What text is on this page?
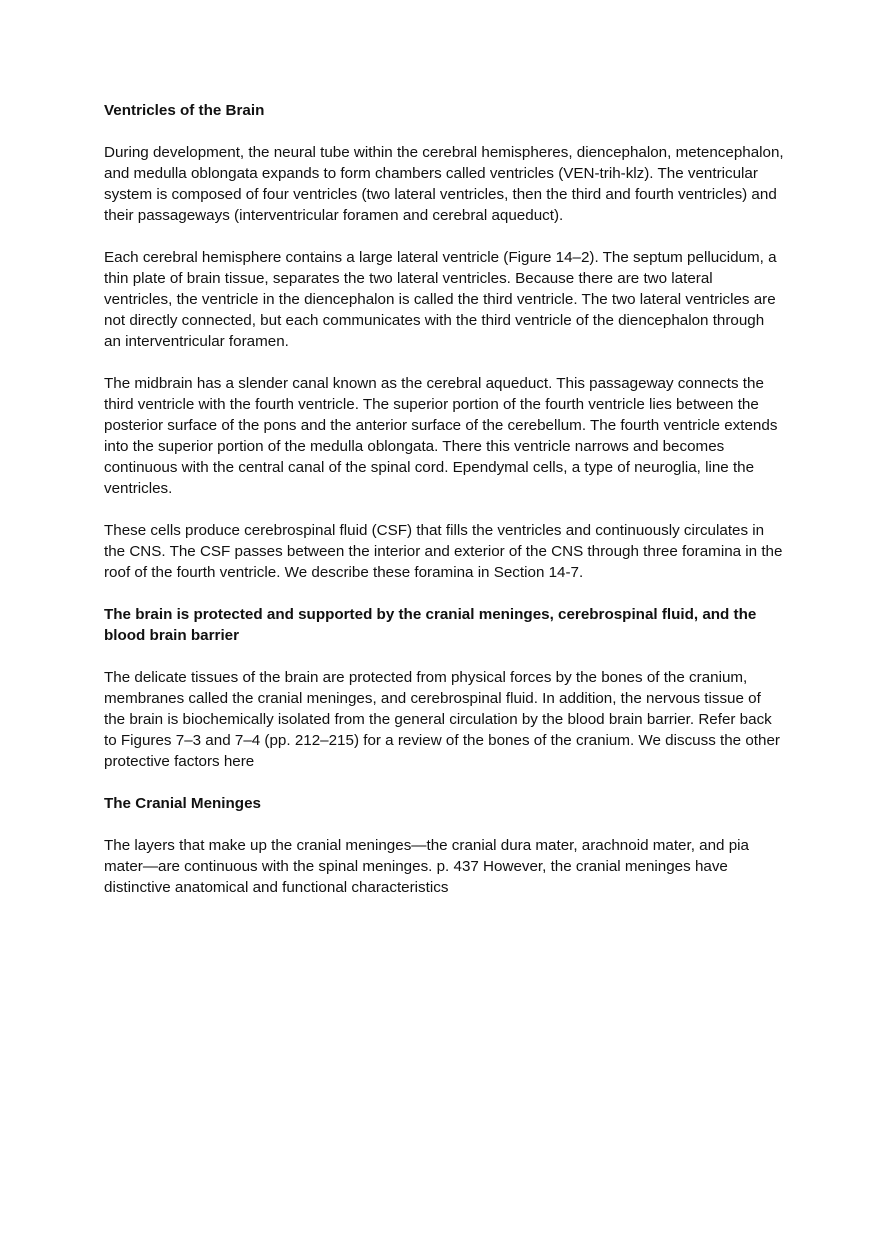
Ventricles of the Brain

During development, the neural tube within the cerebral hemispheres, diencephalon, metencephalon, and medulla oblongata expands to form chambers called ventricles (VEN-trih-klz). The ventricular system is composed of four ventricles (two lateral ventricles, then the third and fourth ventricles) and their passageways (interventricular foramen and cerebral aqueduct).

Each cerebral hemisphere contains a large lateral ventricle (Figure 14–2). The septum pellucidum, a thin plate of brain tissue, separates the two lateral ventricles. Because there are two lateral ventricles, the ventricle in the diencephalon is called the third ventricle. The two lateral ventricles are not directly connected, but each communicates with the third ventricle of the diencephalon through an interventricular foramen.

The midbrain has a slender canal known as the cerebral aqueduct. This passageway connects the third ventricle with the fourth ventricle. The superior portion of the fourth ventricle lies between the posterior surface of the pons and the anterior surface of the cerebellum. The fourth ventricle extends into the superior portion of the medulla oblongata. There this ventricle narrows and becomes continuous with the central canal of the spinal cord. Ependymal cells, a type of neuroglia, line the ventricles.

These cells produce cerebrospinal fluid (CSF) that fills the ventricles and continuously circulates in the CNS. The CSF passes between the interior and exterior of the CNS through three foramina in the roof of the fourth ventricle. We describe these foramina in Section 14-7.

The brain is protected and supported by the cranial meninges, cerebrospinal fluid, and the blood brain barrier

The delicate tissues of the brain are protected from physical forces by the bones of the cranium, membranes called the cranial meninges, and cerebrospinal fluid. In addition, the nervous tissue of the brain is biochemically isolated from the general circulation by the blood brain barrier. Refer back to Figures 7–3 and 7–4 (pp. 212–215) for a review of the bones of the cranium. We discuss the other protective factors here

The Cranial Meninges

The layers that make up the cranial meninges—the cranial dura mater, arachnoid mater, and pia mater—are continuous with the spinal meninges. p. 437 However, the cranial meninges have distinctive anatomical and functional characteristics
